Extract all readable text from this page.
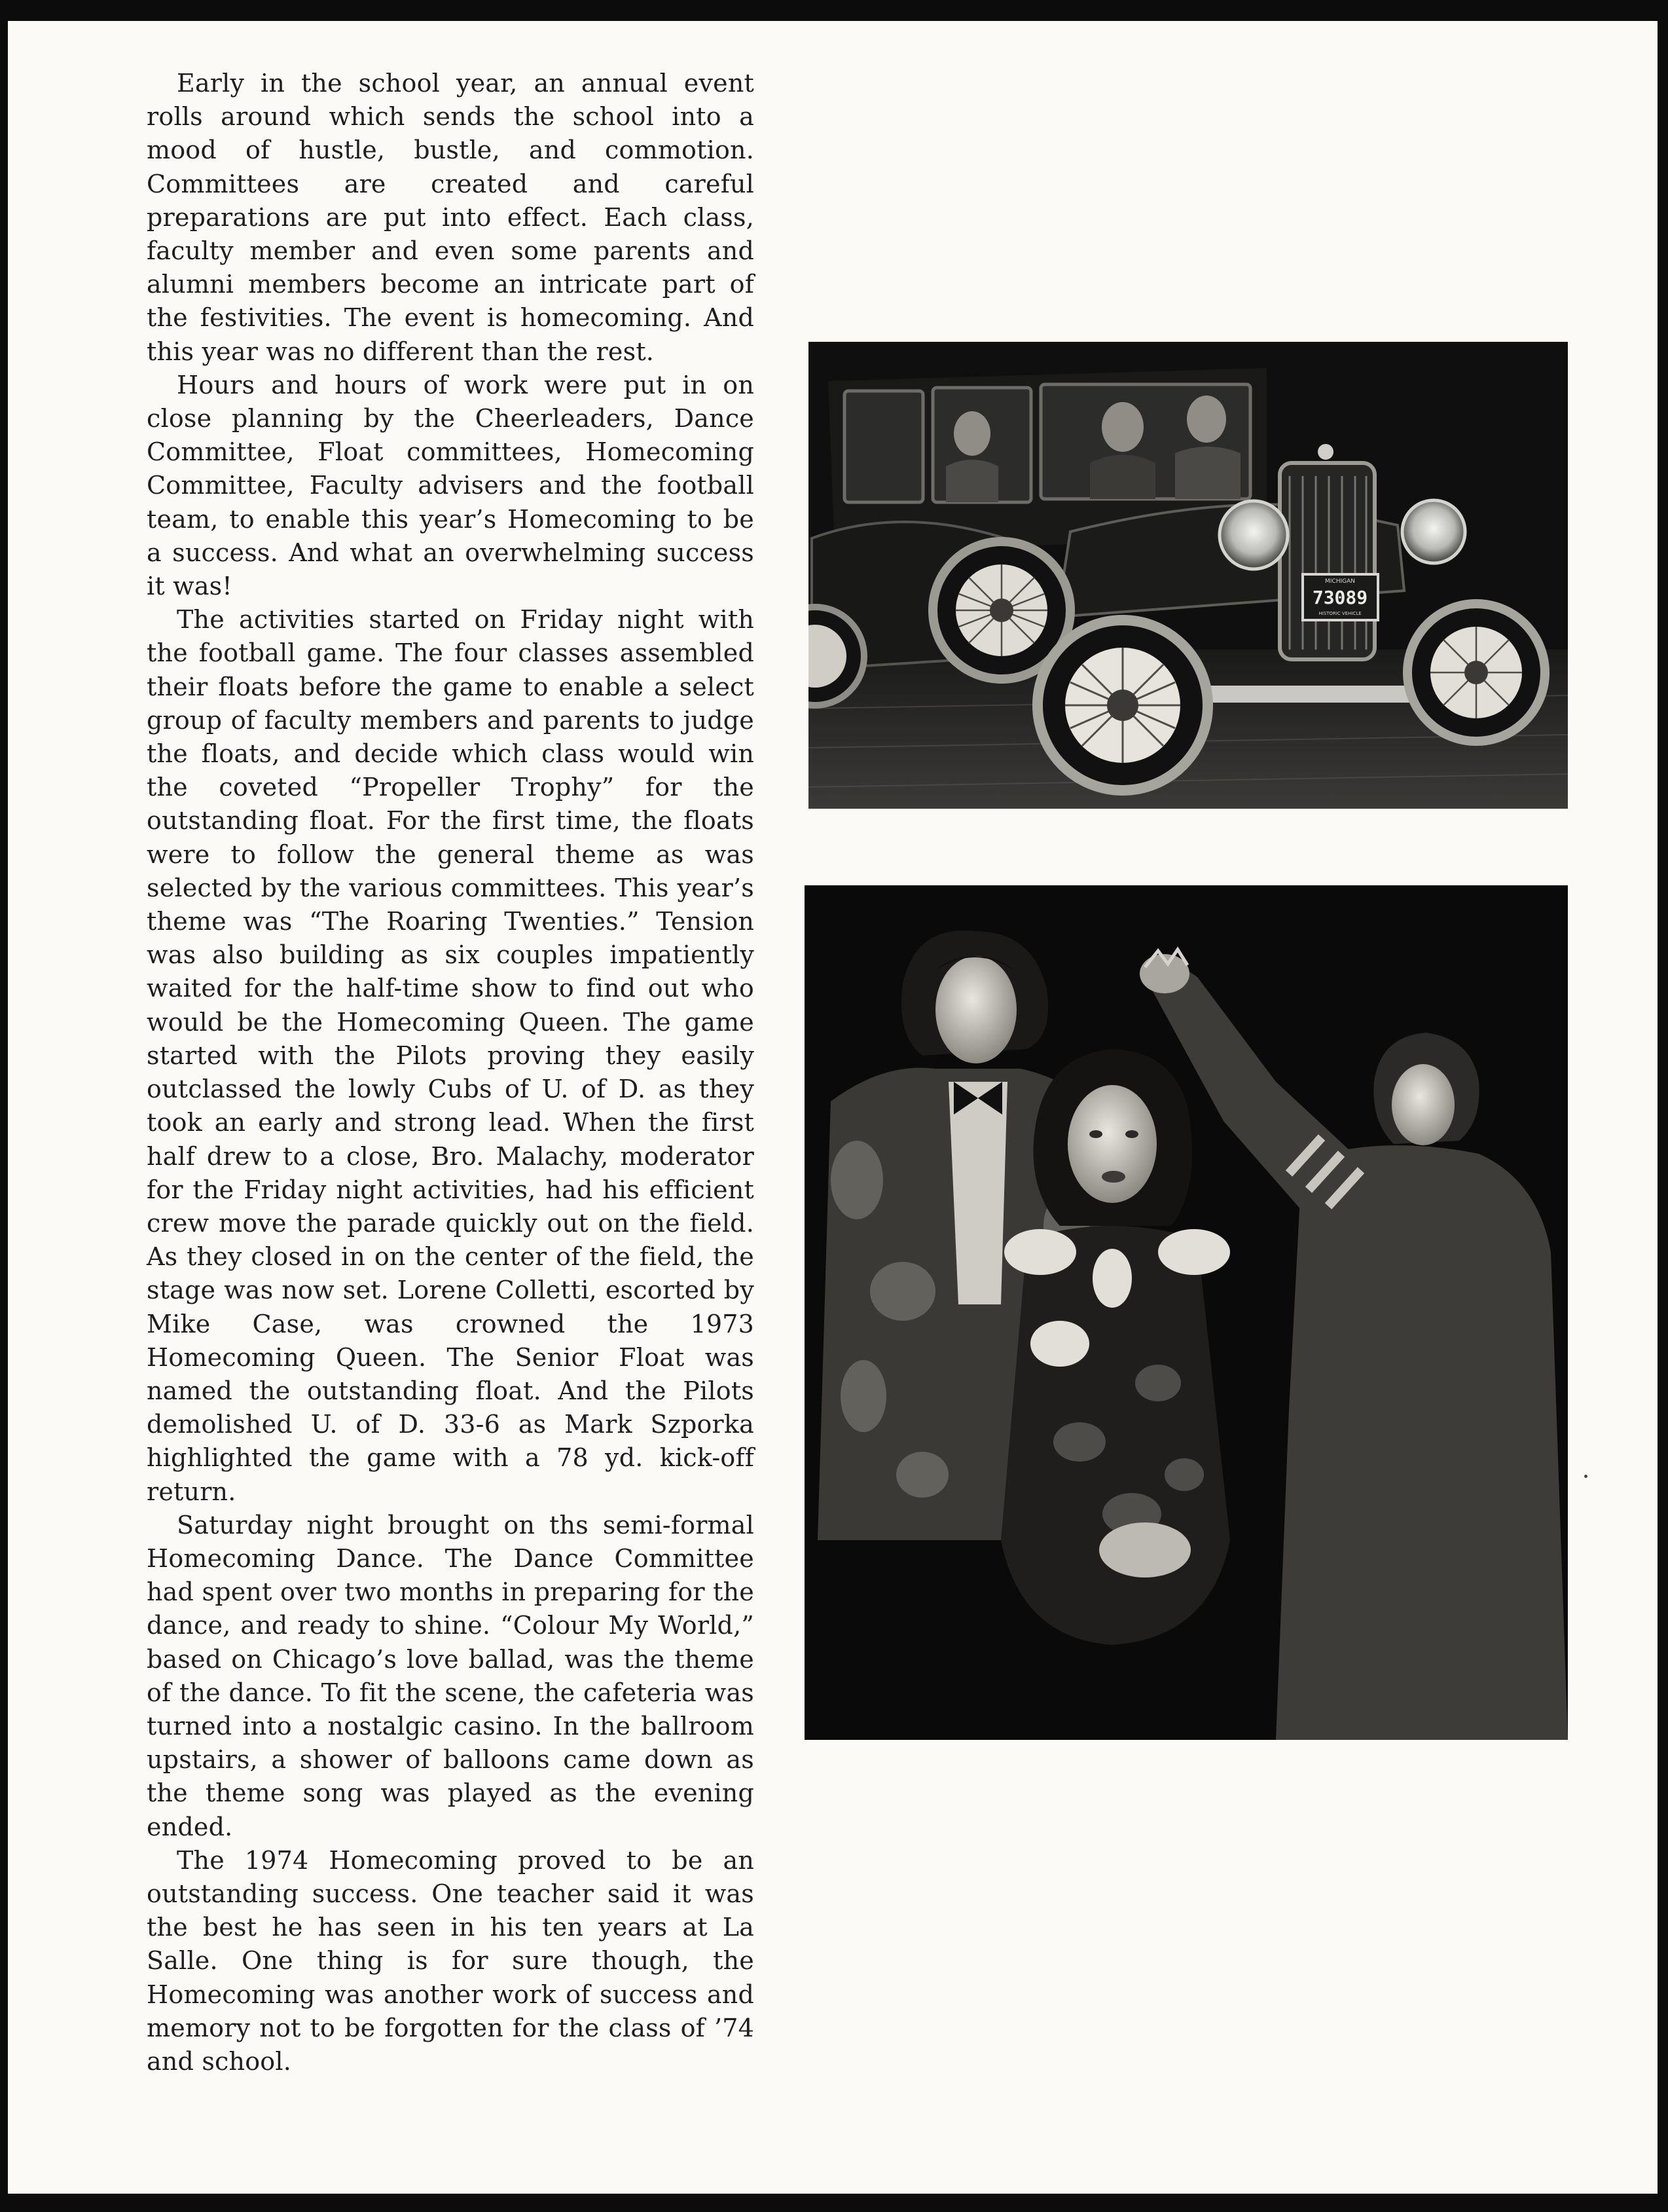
Early in the school year, an annual event rolls around which sends the school into a mood of hustle, bustle, and commotion. Committees are created and careful preparations are put into effect. Each class, faculty member and even some parents and alumni members become an intricate part of the festivities. The event is homecoming. And this year was no different than the rest.

Hours and hours of work were put in on close planning by the Cheerleaders, Dance Committee, Float committees, Homecoming Committee, Faculty advisers and the football team, to enable this year’s Homecoming to be a success. And what an overwhelming success it was!

The activities started on Friday night with the football game. The four classes assembled their floats before the game to enable a select group of faculty members and parents to judge the floats, and decide which class would win the coveted “Propeller Trophy” for the outstanding float. For the first time, the floats were to follow the general theme as was selected by the various committees. This year’s theme was “The Roaring Twenties.” Tension was also building as six couples impatiently waited for the half-time show to find out who would be the Homecoming Queen. The game started with the Pilots proving they easily outclassed the lowly Cubs of U. of D. as they took an early and strong lead. When the first half drew to a close, Bro. Malachy, moderator for the Friday night activities, had his efficient crew move the parade quickly out on the field. As they closed in on the center of the field, the stage was now set. Lorene Colletti, escorted by Mike Case, was crowned the 1973 Homecoming Queen. The Senior Float was named the outstanding float. And the Pilots demolished U. of D. 33-6 as Mark Szporka highlighted the game with a 78 yd. kick-off return.

Saturday night brought on ths semi-formal Homecoming Dance. The Dance Committee had spent over two months in preparing for the dance, and ready to shine. “Colour My World,” based on Chicago’s love ballad, was the theme of the dance. To fit the scene, the cafeteria was turned into a nostalgic casino. In the ballroom upstairs, a shower of balloons came down as the theme song was played as the evening ended.

The 1974 Homecoming proved to be an outstanding success. One teacher said it was the best he has seen in his ten years at La Salle. One thing is for sure though, the Homecoming was another work of success and memory not to be forgotten for the class of ’74 and school.

MICHIGAN
73089
HISTORIC VEHICLE
